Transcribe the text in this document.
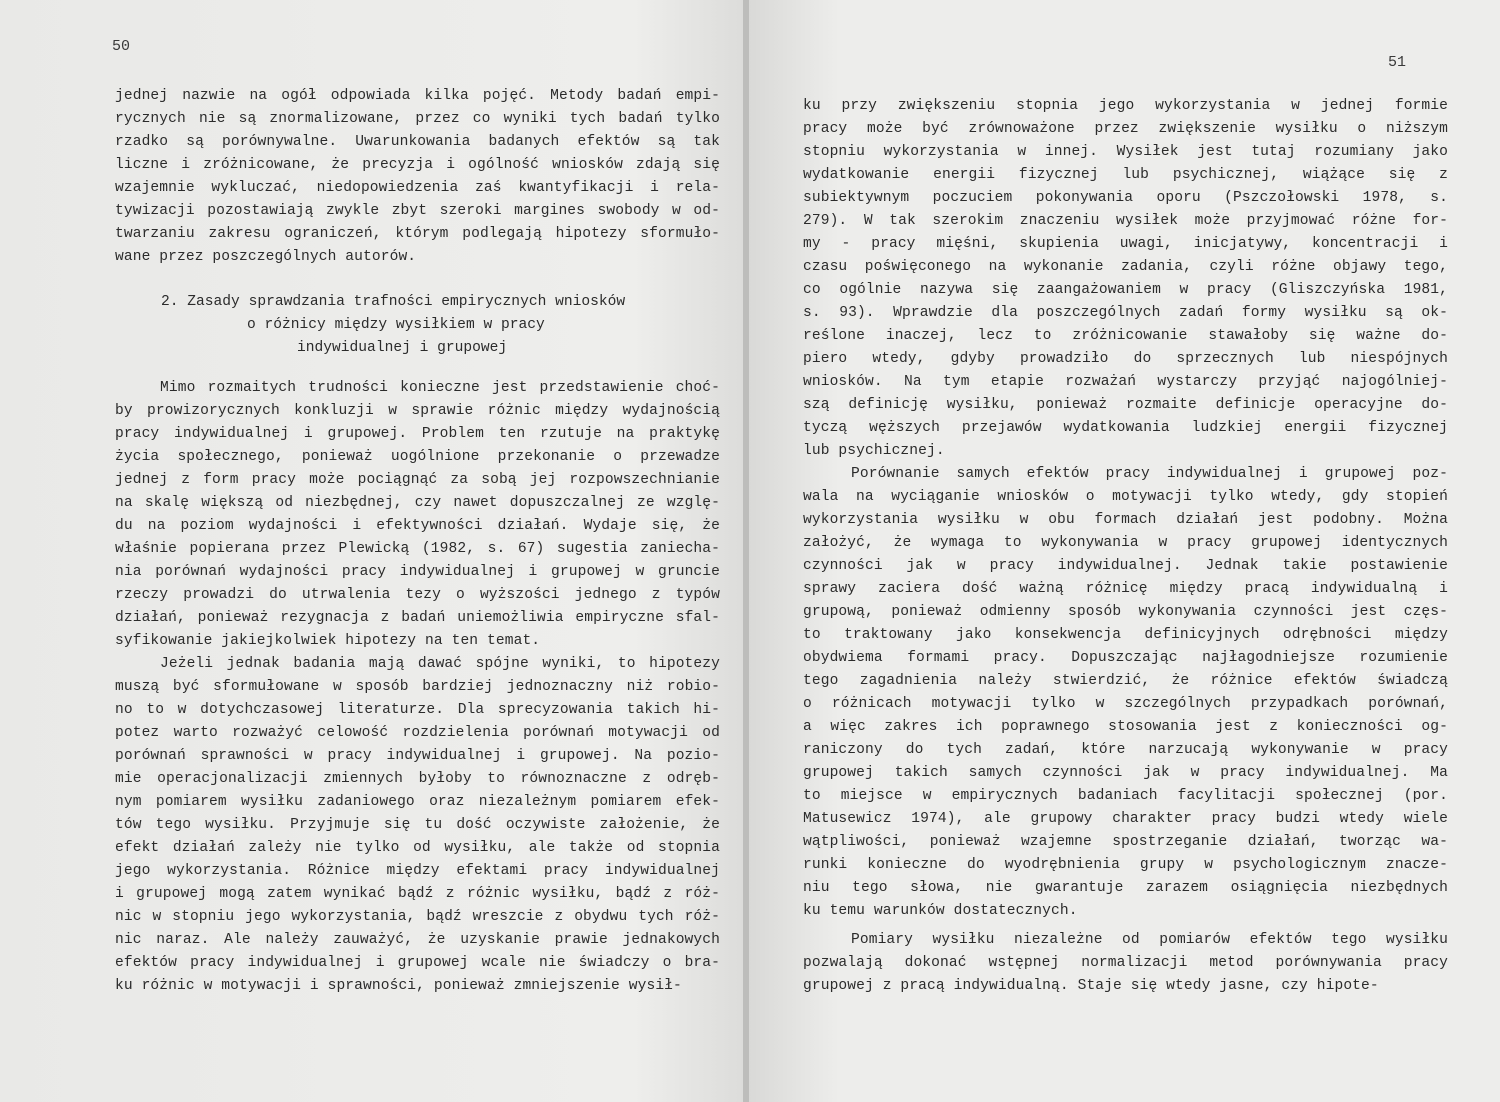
50
jednej nazwie na ogół odpowiada kilka pojęć. Metody badań empi-
rycznych nie są znormalizowane, przez co wyniki tych badań tylko
rzadko są porównywalne. Uwarunkowania badanych efektów są tak
liczne i zróżnicowane, że precyzja i ogólność wniosków zdają się
wzajemnie wykluczać, niedopowiedzenia zaś kwantyfikacji i rela-
tywizacji pozostawiają zwykle zbyt szeroki margines swobody w od-
twarzaniu zakresu ograniczeń, którym podlegają hipotezy sformuło-
wane przez poszczególnych autorów.
2. Zasady sprawdzania trafności empirycznych wniosków
o różnicy między wysiłkiem w pracy
indywidualnej i grupowej
Mimo rozmaitych trudności konieczne jest przedstawienie choć-
by prowizorycznych konkluzji w sprawie różnic między wydajnością
pracy indywidualnej i grupowej. Problem ten rzutuje na praktykę
życia społecznego, ponieważ uogólnione przekonanie o przewadze
jednej z form pracy może pociągnąć za sobą jej rozpowszechnianie
na skalę większą od niezbędnej, czy nawet dopuszczalnej ze wzglę-
du na poziom wydajności i efektywności działań. Wydaje się, że
właśnie popierana przez Plewicką (1982, s. 67) sugestia zaniecha-
nia porównań wydajności pracy indywidualnej i grupowej w gruncie
rzeczy prowadzi do utrwalenia tezy o wyższości jednego z typów
działań, ponieważ rezygnacja z badań uniemożliwia empiryczne sfal-
syfikowanie jakiejkolwiek hipotezy na ten temat.
Jeżeli jednak badania mają dawać spójne wyniki, to hipotezy
muszą być sformułowane w sposób bardziej jednoznaczny niż robio-
no to w dotychczasowej literaturze. Dla sprecyzowania takich hi-
potez warto rozważyć celowość rozdzielenia porównań motywacji od
porównań sprawności w pracy indywidualnej i grupowej. Na pozio-
mie operacjonalizacji zmiennych byłoby to równoznaczne z odręb-
nym pomiarem wysiłku zadaniowego oraz niezależnym pomiarem efek-
tów tego wysiłku. Przyjmuje się tu dość oczywiste założenie, że
efekt działań zależy nie tylko od wysiłku, ale także od stopnia
jego wykorzystania. Różnice między efektami pracy indywidualnej
i grupowej mogą zatem wynikać bądź z różnic wysiłku, bądź z róż-
nic w stopniu jego wykorzystania, bądź wreszcie z obydwu tych róż-
nic naraz. Ale należy zauważyć, że uzyskanie prawie jednakowych
efektów pracy indywidualnej i grupowej wcale nie świadczy o bra-
ku różnic w motywacji i sprawności, ponieważ zmniejszenie wysił-
51
ku przy zwiększeniu stopnia jego wykorzystania w jednej formie
pracy może być zrównoważone przez zwiększenie wysiłku o niższym
stopniu wykorzystania w innej. Wysiłek jest tutaj rozumiany jako
wydatkowanie energii fizycznej lub psychicznej, wiążące się z
subiektywnym poczuciem pokonywania oporu (Pszczołowski 1978, s.
279). W tak szerokim znaczeniu wysiłek może przyjmować różne for-
my - pracy mięśni, skupienia uwagi, inicjatywy, koncentracji i
czasu poświęconego na wykonanie zadania, czyli różne objawy tego,
co ogólnie nazywa się zaangażowaniem w pracy (Gliszczyńska 1981,
s. 93). Wprawdzie dla poszczególnych zadań formy wysiłku są ok-
reślone inaczej, lecz to zróżnicowanie stawałoby się ważne do-
piero wtedy, gdyby prowadziło do sprzecznych lub niespójnych
wniosków. Na tym etapie rozważań wystarczy przyjąć najogólniej-
szą definicję wysiłku, ponieważ rozmaite definicje operacyjne do-
tyczą węższych przejawów wydatkowania ludzkiej energii fizycznej
lub psychicznej.
Porównanie samych efektów pracy indywidualnej i grupowej poz-
wala na wyciąganie wniosków o motywacji tylko wtedy, gdy stopień
wykorzystania wysiłku w obu formach działań jest podobny. Można
założyć, że wymaga to wykonywania w pracy grupowej identycznych
czynności jak w pracy indywidualnej. Jednak takie postawienie
sprawy zaciera dość ważną różnicę między pracą indywidualną i
grupową, ponieważ odmienny sposób wykonywania czynności jest częs-
to traktowany jako konsekwencja definicyjnych odrębności między
obydwiema formami pracy. Dopuszczając najłagodniejsze rozumienie
tego zagadnienia należy stwierdzić, że różnice efektów świadczą
o różnicach motywacji tylko w szczególnych przypadkach porównań,
a więc zakres ich poprawnego stosowania jest z konieczności og-
raniczony do tych zadań, które narzucają wykonywanie w pracy
grupowej takich samych czynności jak w pracy indywidualnej. Ma
to miejsce w empirycznych badaniach facylitacji społecznej (por.
Matusewicz 1974), ale grupowy charakter pracy budzi wtedy wiele
wątpliwości, ponieważ wzajemne spostrzeganie działań, tworząc wa-
runki konieczne do wyodrębnienia grupy w psychologicznym znacze-
niu tego słowa, nie gwarantuje zarazem osiągnięcia niezbędnych
ku temu warunków dostatecznych.
Pomiary wysiłku niezależne od pomiarów efektów tego wysiłku
pozwalają dokonać wstępnej normalizacji metod porównywania pracy
grupowej z pracą indywidualną. Staje się wtedy jasne, czy hipote-
